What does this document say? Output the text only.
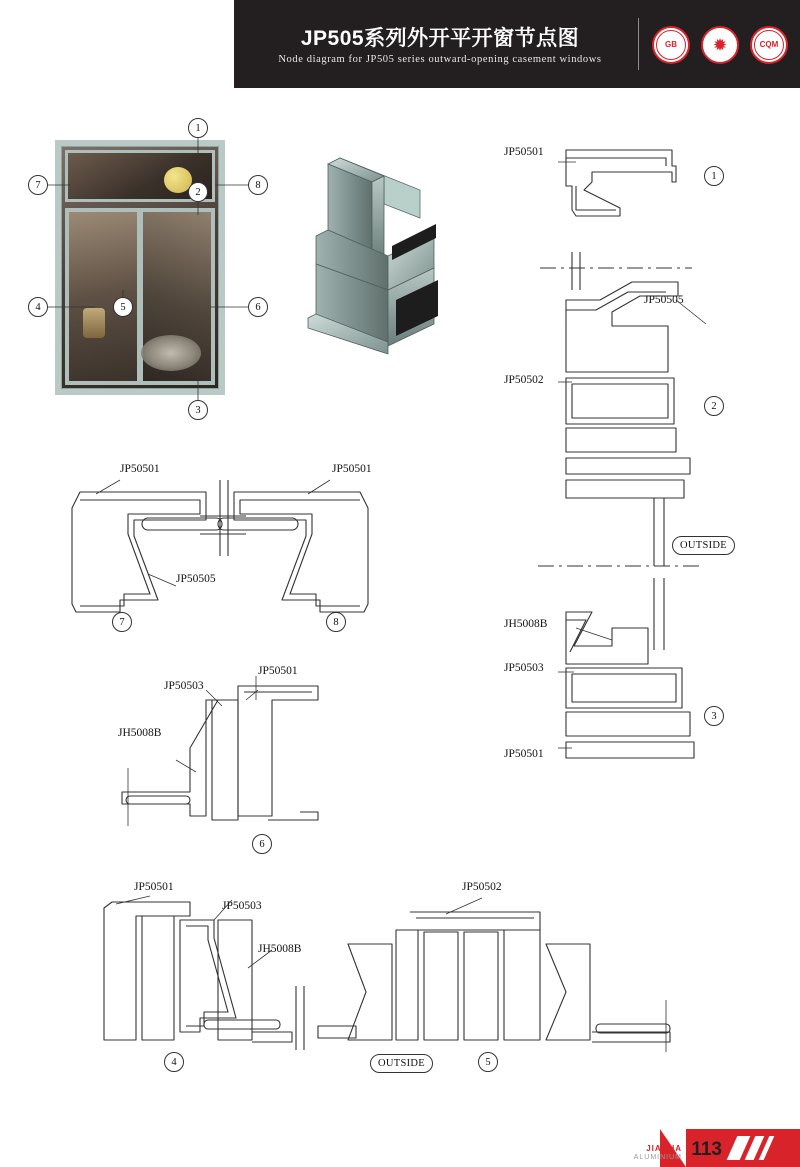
JP505系列外开平开窗节点图
Node diagram for JP505 series outward-opening casement windows
GB	✹	CQM
1
2
3
4	5	6
7	8
JP50501
JP50505
JP50502
JH5008B
JP50503
JP50501
1
2
3
OUTSIDE
JP50501	JP50501
JP50505
7	8
JP50503
JP50501
JH5008B
6
JP50501
JP50503
JH5008B
JP50502
4	5
OUTSIDE
JIAHUA
ALUMINIUM 113
